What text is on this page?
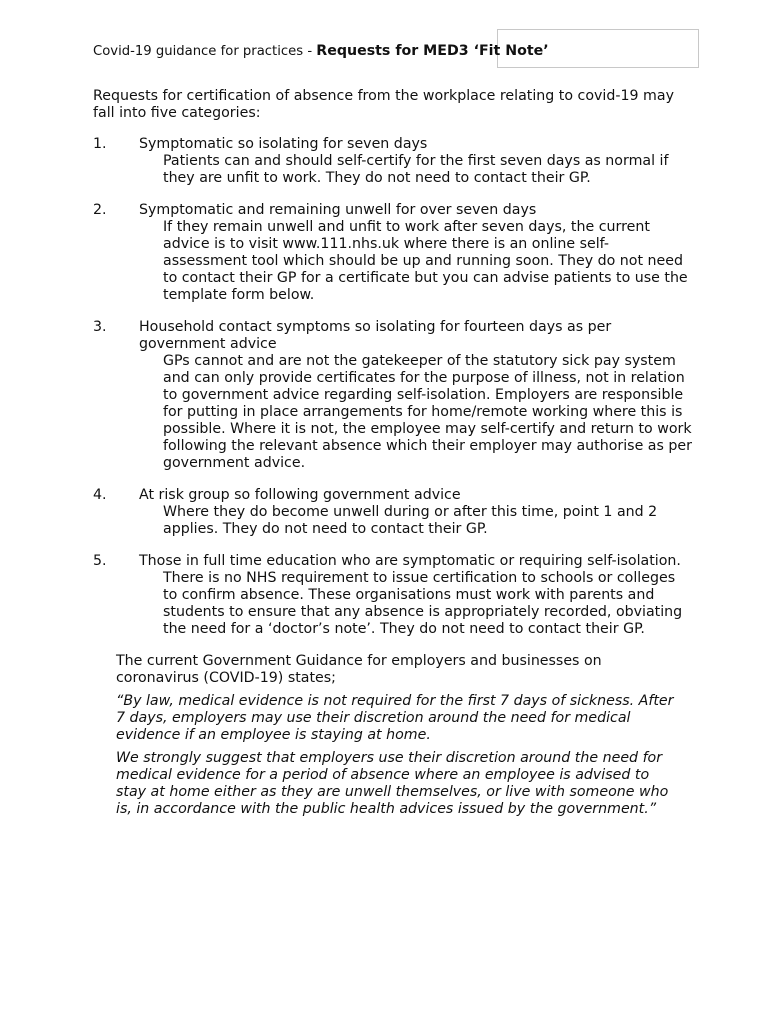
Covid-19 guidance for practices - Requests for MED3 ‘Fit Note’

Requests for certification of absence from the workplace relating to covid-19 may fall into five categories:

1. Symptomatic so isolating for seven days
Patients can and should self-certify for the first seven days as normal if they are unfit to work. They do not need to contact their GP.
2. Symptomatic and remaining unwell for over seven days
If they remain unwell and unfit to work after seven days, the current advice is to visit www.111.nhs.uk where there is an online self-assessment tool which should be up and running soon. They do not need to contact their GP for a certificate but you can advise patients to use the template form below.
3. Household contact symptoms so isolating for fourteen days as per government advice
GPs cannot and are not the gatekeeper of the statutory sick pay system and can only provide certificates for the purpose of illness, not in relation to government advice regarding self-isolation. Employers are responsible for putting in place arrangements for home/remote working where this is possible. Where it is not, the employee may self-certify and return to work following the relevant absence which their employer may authorise as per government advice.
4. At risk group so following government advice
Where they do become unwell during or after this time, point 1 and 2 applies. They do not need to contact their GP.
5. Those in full time education who are symptomatic or requiring self-isolation.
There is no NHS requirement to issue certification to schools or colleges to confirm absence. These organisations must work with parents and students to ensure that any absence is appropriately recorded, obviating the need for a ‘doctor’s note’. They do not need to contact their GP.

The current Government Guidance for employers and businesses on coronavirus (COVID-19) states;

“By law, medical evidence is not required for the first 7 days of sickness. After 7 days, employers may use their discretion around the need for medical evidence if an employee is staying at home.

We strongly suggest that employers use their discretion around the need for medical evidence for a period of absence where an employee is advised to stay at home either as they are unwell themselves, or live with someone who is, in accordance with the public health advices issued by the government.”
